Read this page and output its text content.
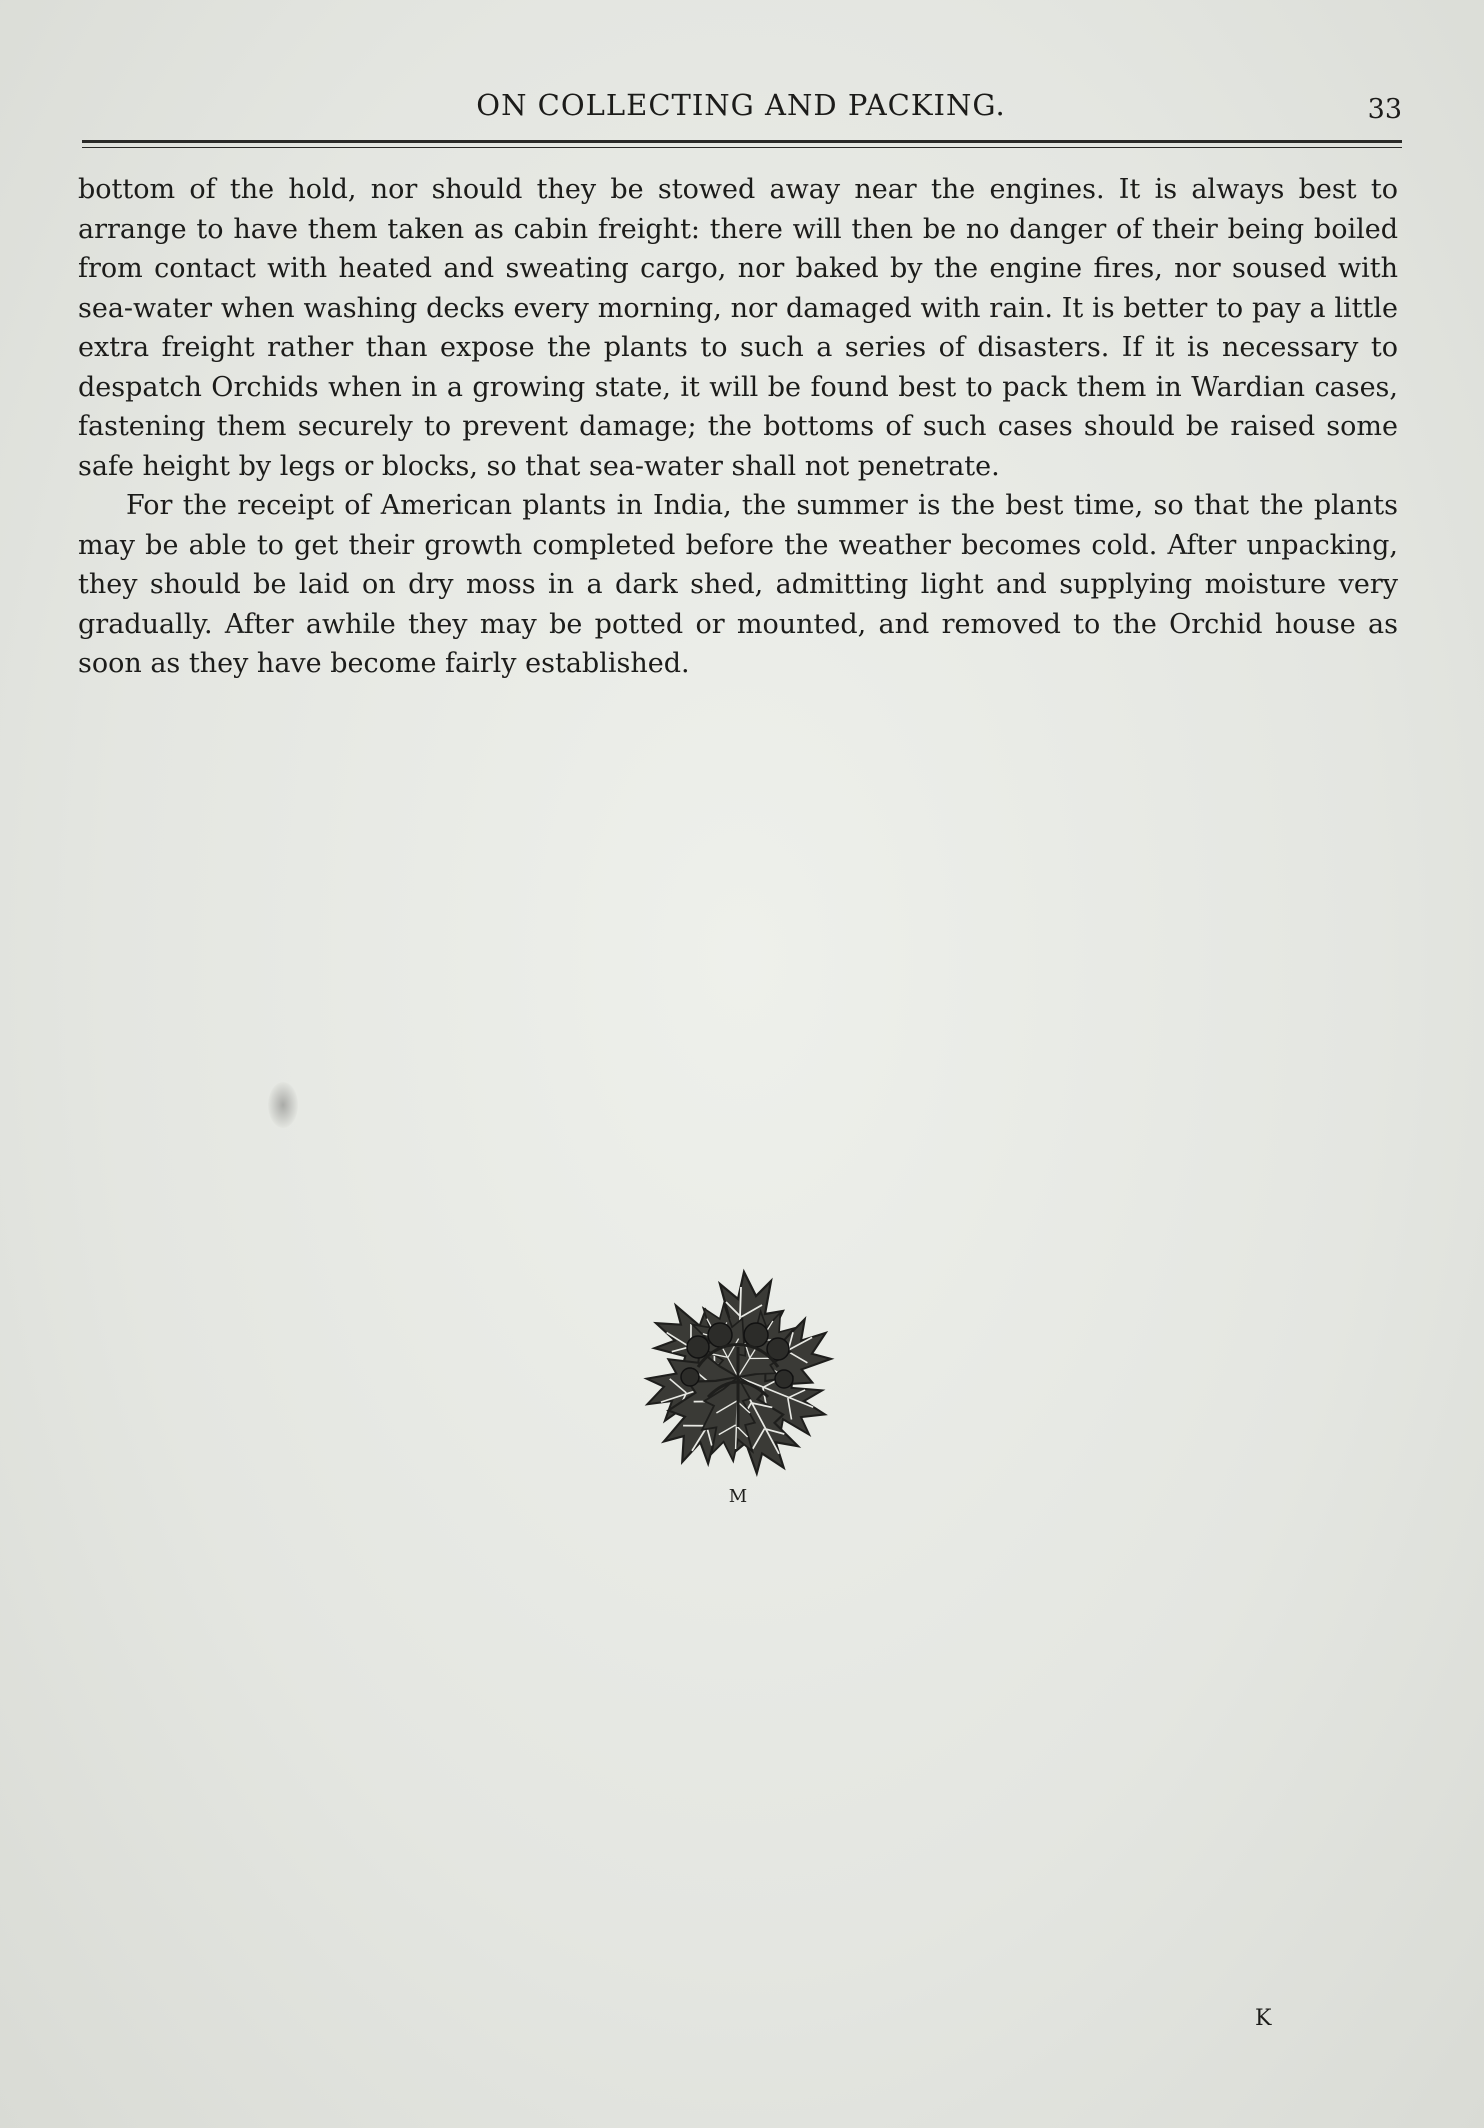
ON COLLECTING AND PACKING.	33

bottom of the hold, nor should they be stowed away near the engines. It is always best to arrange to have them taken as cabin freight: there will then be no danger of their being boiled from contact with heated and sweating cargo, nor baked by the engine fires, nor soused with sea-water when washing decks every morning, nor damaged with rain. It is better to pay a little extra freight rather than expose the plants to such a series of disasters. If it is necessary to despatch Orchids when in a growing state, it will be found best to pack them in Wardian cases, fastening them securely to prevent damage; the bottoms of such cases should be raised some safe height by legs or blocks, so that sea-water shall not penetrate.

For the receipt of American plants in India, the summer is the best time, so that the plants may be able to get their growth completed before the weather becomes cold. After unpacking, they should be laid on dry moss in a dark shed, admitting light and supplying moisture very gradually. After awhile they may be potted or mounted, and removed to the Orchid house as soon as they have become fairly established.

M
K
